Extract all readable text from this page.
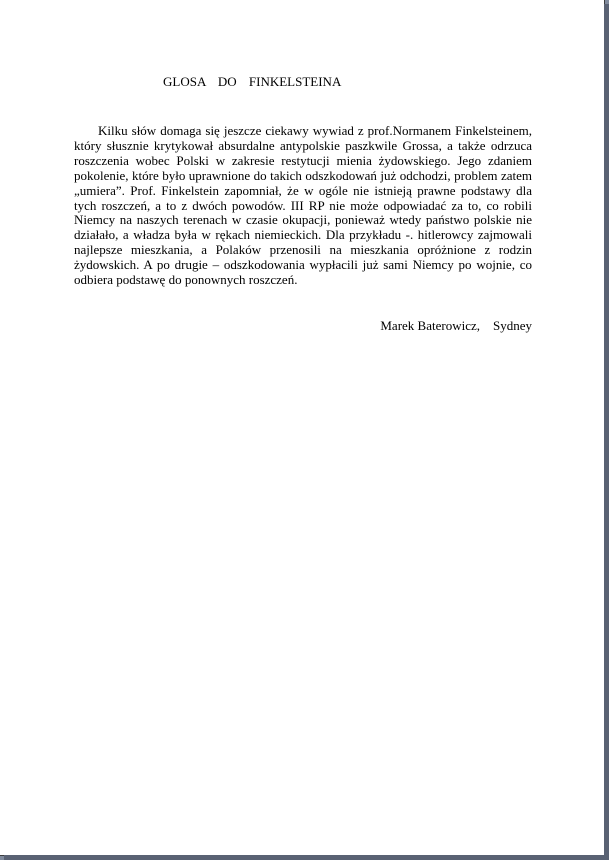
GLOSA DO FINKELSTEINA

Kilku słów domaga się jeszcze ciekawy wywiad z prof.Normanem Finkelsteinem, który słusznie krytykował absurdalne antypolskie paszkwile Grossa, a także odrzuca roszczenia wobec Polski w zakresie restytucji mienia żydowskiego. Jego zdaniem pokolenie, które było uprawnione do takich odszkodowań już odchodzi, problem zatem „umiera”. Prof. Finkelstein zapomniał, że w ogóle nie istnieją prawne podstawy dla tych roszczeń, a to z dwóch powodów. III RP nie może odpowiadać za to, co robili Niemcy na naszych terenach w czasie okupacji, ponieważ wtedy państwo polskie nie działało, a władza była w rękach niemieckich. Dla przykładu -. hitlerowcy zajmowali najlepsze mieszkania, a Polaków przenosili na mieszkania opróżnione z rodzin żydowskich. A po drugie – odszkodowania wypłacili już sami Niemcy po wojnie, co odbiera podstawę do ponownych roszczeń.

Marek Baterowicz,    Sydney
